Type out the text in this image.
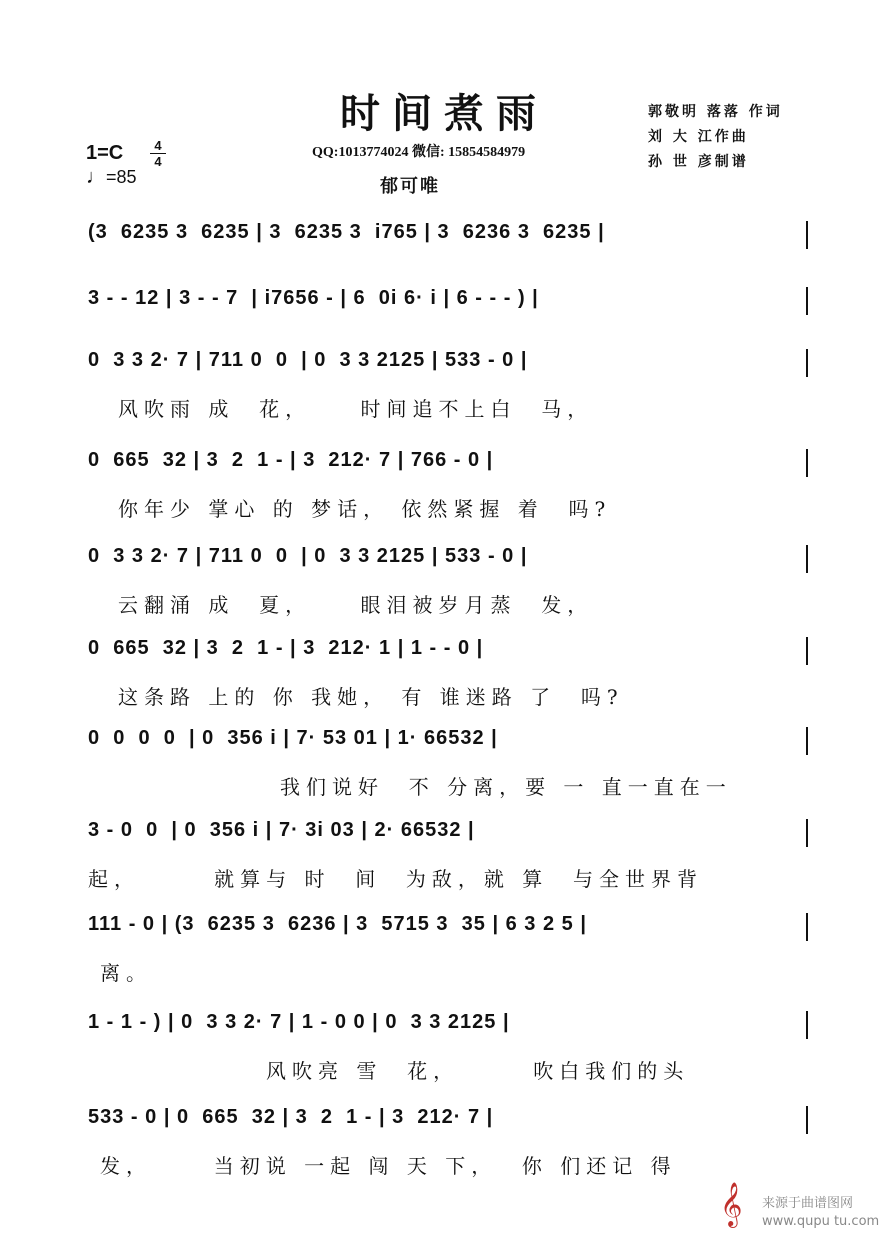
时间煮雨
QQ:1013774024 微信: 15854584979
郁可唯
郭敬明 落落 作词
刘 大 江作曲
孙 世 彦制谱
1=C	4
4
♩=85
(3  6235 3  6235 | 3  6235 3  i765 | 3  6236 3  6235 |
3 - - 12 | 3 - - 7  | i7656 - | 6  0i 6· i | 6 - - - ) |
0  3 3 2· 7 | 711 0  0  | 0  3 3 2125 | 533 - 0 |
风吹雨 成  花，    时间追不上白  马，
0  665  32 | 3  2  1 - | 3  212· 7 | 766 - 0 |
你年少 掌心 的 梦话， 依然紧握 着  吗?
0  3 3 2· 7 | 711 0  0  | 0  3 3 2125 | 533 - 0 |
云翻涌 成  夏，    眼泪被岁月蒸  发，
0  665  32 | 3  2  1 - | 3  212· 1 | 1 - - 0 |
这条路 上的 你 我她， 有 谁迷路 了  吗?
0  0  0  0  | 0  356 i | 7· 53 01 | 1· 66532 |
我们说好  不 分离，要 一 直一直在一
3 - 0  0  | 0  356 i | 7· 3i 03 | 2· 66532 |
起，      就算与 时  间  为敌，就 算  与全世界背
111 - 0 | (3  6235 3  6236 | 3  5715 3  35 | 6 3 2 5 |
离。
1 - 1 - ) | 0  3 3 2· 7 | 1 - 0 0 | 0  3 3 2125 |
风吹亮 雪  花，      吹白我们的头
533 - 0 | 0  665  32 | 3  2  1 - | 3  212· 7 |
发，     当初说 一起 闯 天 下，  你 们还记 得
𝄞 来源于曲谱图网
www.qupu tu.com
